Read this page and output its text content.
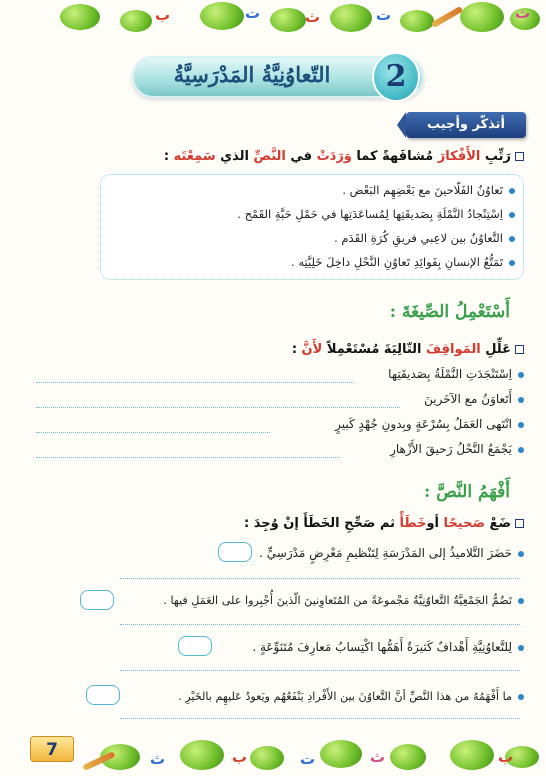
ب	ت	ث	ت	ث
التّعاوُنِيَّةُ المَدْرَسِيَّةُ	2
أتذكّر وأجيب
رَتِّبِ الأَفْكارَ مُشافَهةً كما وَرَدَتْ في النَّصِّ الذي سَمِعْتَه :
تَعاوُنُ الفَلّاحينَ مع بَعْضِهِم البَعْض .
اِسْتِنْجادُ النَّمْلَةِ بِصَديقَتِها لِمُساعَدَتِها في حَمْلِ حَبَّةِ القَمْح .
التَّعاوُنُ بين لاعِبي فريقِ كُرَةِ القَدَم .
تَمَتُّعُ الإنسانِ بِفَوائِدِ تَعاوُنِ النَّحْلِ داخِلَ خَلِيَّتِه .
أَسْتَعْمِلُ الصِّيغَةَ :
عَلِّلِ المَواقِفَ التّالِيَةَ مُسْتَعْمِلاً لأَنَّ :
اِسْتَنْجَدَتِ النَّمْلَةُ بِصَديقَتِها
أَتَعاوَنُ مع الآخَرينَ
انْتَهى العَمَلُ بِسُرْعَةٍ وبِدونِ جُهْدٍ كَبيرٍ
يَجْمَعُ النَّحْلُ رَحيقَ الأَزْهارِ
أَفْهَمُ النَّصَّ :
ضَعْ صَحيحًا أوخَطَأً ثم صَحِّحِ الخَطَأَ إنْ وُجِدَ :
حَضَرَ التَّلاميذُ إلى المَدْرَسَةِ لِتَنْظيمِ مَعْرِضٍ مَدْرَسِيٍّ .
تَضُمُّ الجَمْعِيَّةُ التَّعاوُنِيَّةُ مَجْموعَةً من المُتَعاوِنينَ الّذينَ أُجْبِروا على العَمَلِ فيها .
لِلتَّعاوُنِيَّةِ أَهْدافٌ كَثيرَةٌ أَهَمُّها اكْتِسابُ مَعارِفَ مُتَنَوِّعَةٍ .
ما أَفْهَمُهُ من هذا النَّصِّ أنَّ التَّعاوُنَ بين الأَفْرادِ يَنْفَعُهُم ويَعودُ عَليهِم بالخَيْرِ .
ث	ب	ت	ث	ب
7
